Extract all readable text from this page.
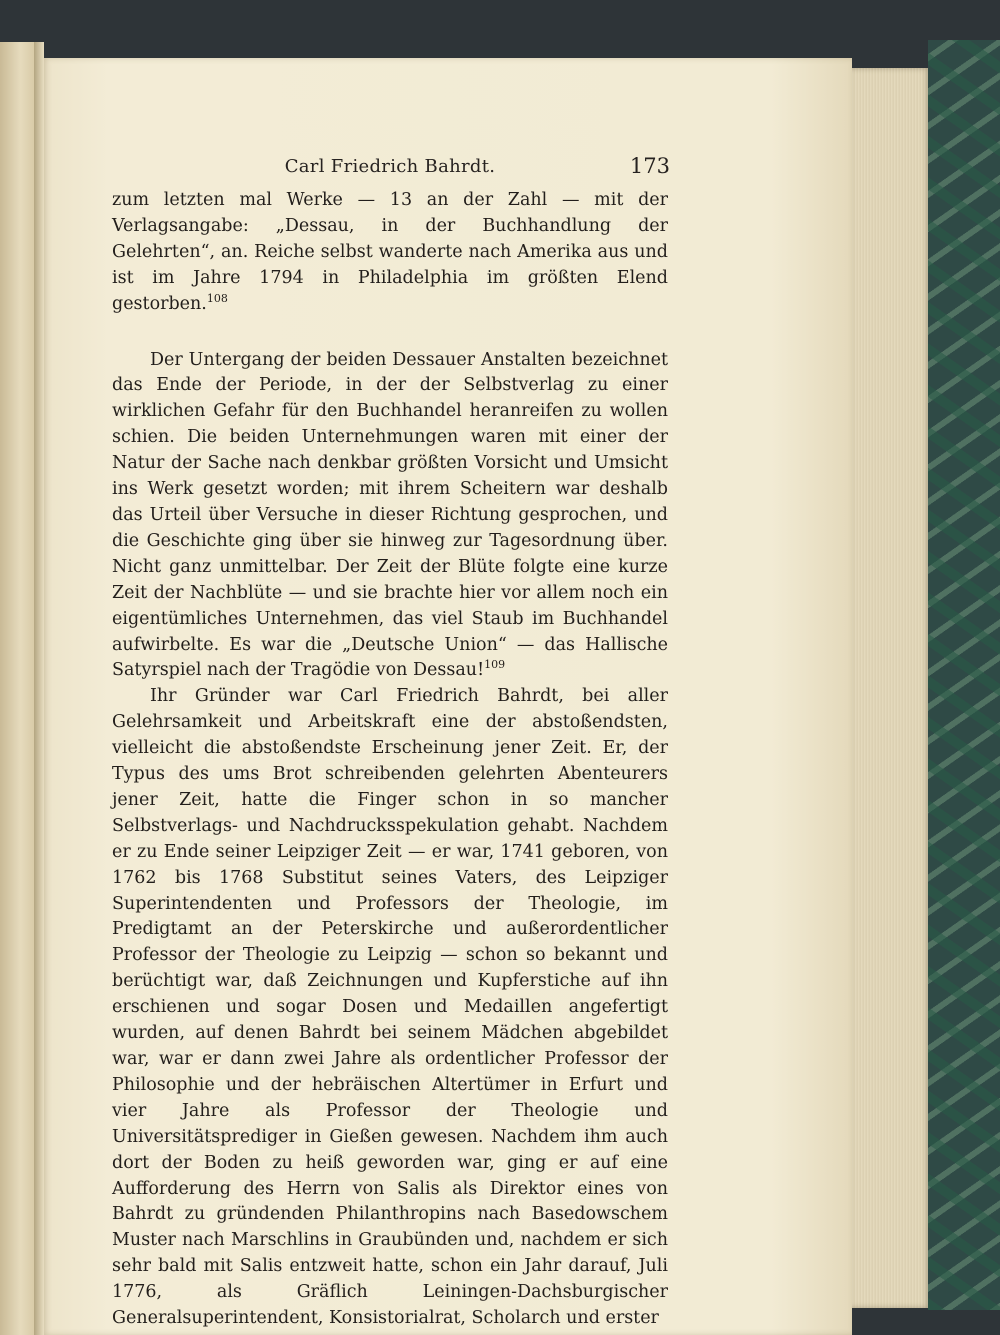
Carl Friedrich Bahrdt.	173

zum letzten mal Werke — 13 an der Zahl — mit der Verlagsangabe: „Dessau, in der Buchhandlung der Gelehrten“, an. Reiche selbst wanderte nach Amerika aus und ist im Jahre 1794 in Philadelphia im größten Elend gestorben.$^{108}$

Der Untergang der beiden Dessauer Anstalten bezeichnet das Ende der Periode, in der der Selbstverlag zu einer wirklichen Gefahr für den Buchhandel heranreifen zu wollen schien. Die beiden Unternehmungen waren mit einer der Natur der Sache nach denkbar größten Vorsicht und Umsicht ins Werk gesetzt worden; mit ihrem Scheitern war deshalb das Urteil über Versuche in dieser Richtung gesprochen, und die Geschichte ging über sie hinweg zur Tagesordnung über. Nicht ganz unmittelbar. Der Zeit der Blüte folgte eine kurze Zeit der Nachblüte — und sie brachte hier vor allem noch ein eigentümliches Unternehmen, das viel Staub im Buchhandel aufwirbelte. Es war die „Deutsche Union“ — das Hallische Satyrspiel nach der Tragödie von Dessau!$^{109}$

Ihr Gründer war Carl Friedrich Bahrdt, bei aller Gelehrsamkeit und Arbeitskraft eine der abstoßendsten, vielleicht die abstoßendste Erscheinung jener Zeit. Er, der Typus des ums Brot schreibenden gelehrten Abenteurers jener Zeit, hatte die Finger schon in so mancher Selbstverlags- und Nachdrucksspekulation gehabt. Nachdem er zu Ende seiner Leipziger Zeit — er war, 1741 geboren, von 1762 bis 1768 Substitut seines Vaters, des Leipziger Superintendenten und Professors der Theologie, im Predigtamt an der Peterskirche und außerordentlicher Professor der Theologie zu Leipzig — schon so bekannt und berüchtigt war, daß Zeichnungen und Kupferstiche auf ihn erschienen und sogar Dosen und Medaillen angefertigt wurden, auf denen Bahrdt bei seinem Mädchen abgebildet war, war er dann zwei Jahre als ordentlicher Professor der Philosophie und der hebräischen Altertümer in Erfurt und vier Jahre als Professor der Theologie und Universitätsprediger in Gießen gewesen. Nachdem ihm auch dort der Boden zu heiß geworden war, ging er auf eine Aufforderung des Herrn von Salis als Direktor eines von Bahrdt zu gründenden Philanthropins nach Basedowschem Muster nach Marschlins in Graubünden und, nachdem er sich sehr bald mit Salis entzweit hatte, schon ein Jahr darauf, Juli 1776, als Gräflich Leiningen-Dachsburgischer Generalsuperintendent, Konsistorialrat, Scholarch und erster
